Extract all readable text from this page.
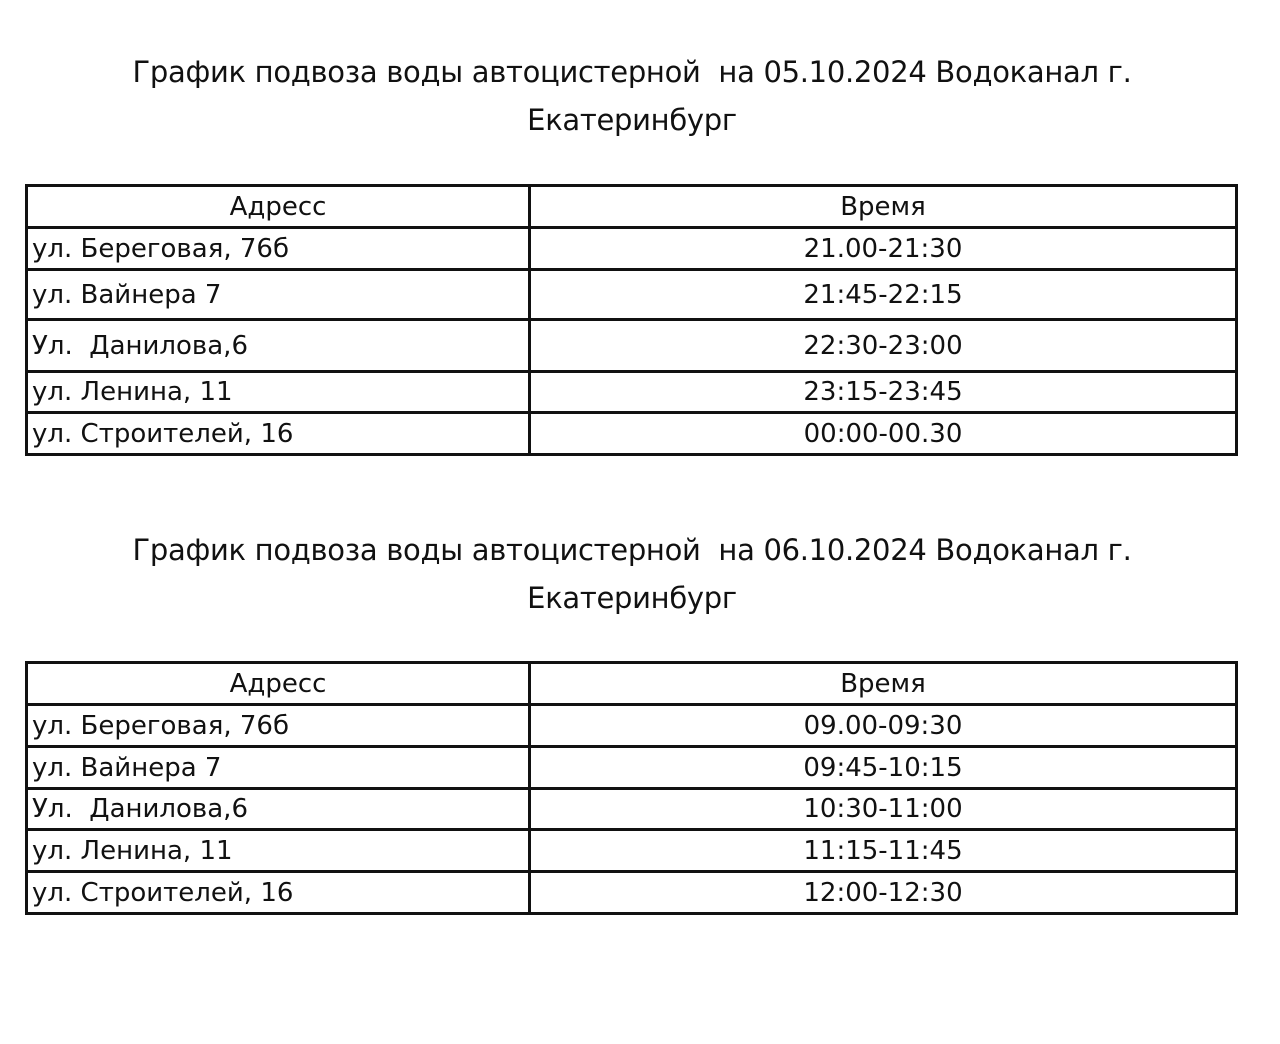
График подвоза воды автоцистерной  на 05.10.2024 Водоканал г.
Екатеринбург
Адресс	Время
ул. Береговая, 76б	21.00-21:30
ул. Вайнера 7	21:45-22:15
Ул.  Данилова,6	22:30-23:00
ул. Ленина, 11	23:15-23:45
ул. Строителей, 16	00:00-00.30
График подвоза воды автоцистерной  на 06.10.2024 Водоканал г.
Екатеринбург
Адресс	Время
ул. Береговая, 76б	09.00-09:30
ул. Вайнера 7	09:45-10:15
Ул.  Данилова,6	10:30-11:00
ул. Ленина, 11	11:15-11:45
ул. Строителей, 16	12:00-12:30
